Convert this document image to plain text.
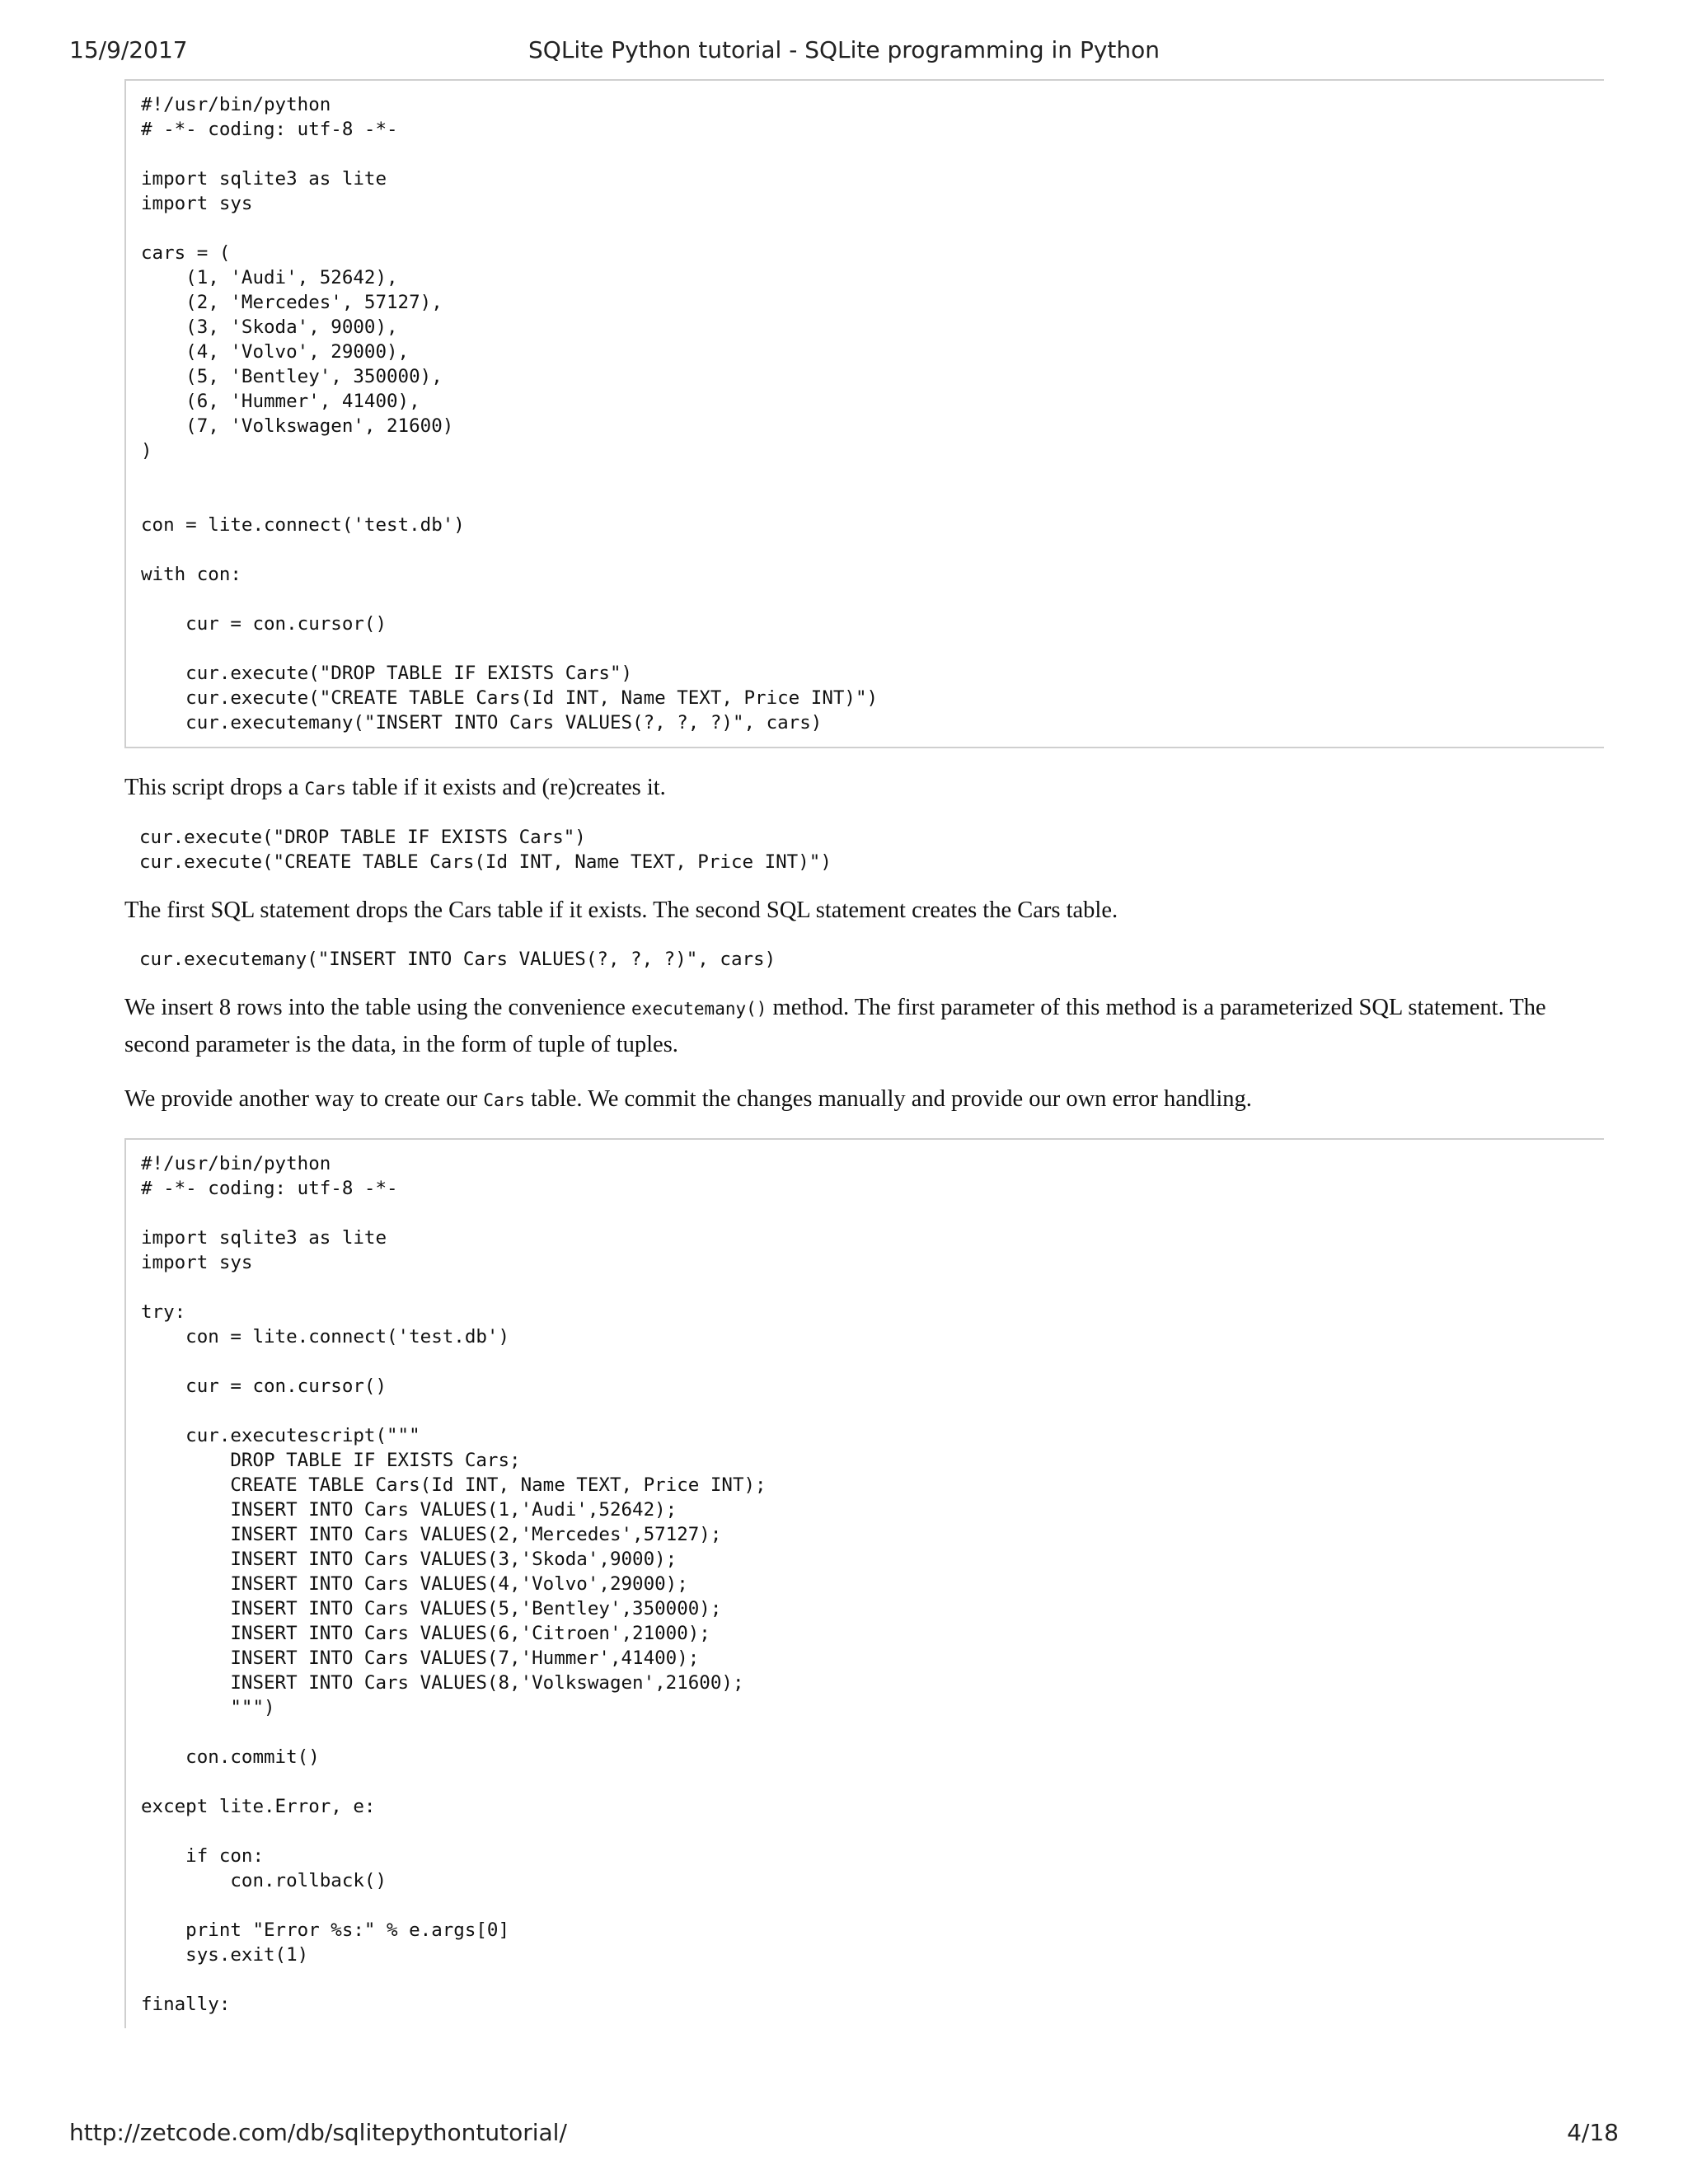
15/9/2017	SQLite Python tutorial - SQLite programming in Python
#!/usr/bin/python
# -*- coding: utf-8 -*-

import sqlite3 as lite
import sys

cars = (
(1, 'Audi', 52642),
(2, 'Mercedes', 57127),
(3, 'Skoda', 9000),
(4, 'Volvo', 29000),
(5, 'Bentley', 350000),
(6, 'Hummer', 41400),
(7, 'Volkswagen', 21600)
)

con = lite.connect('test.db')

with con:

cur = con.cursor()

cur.execute("DROP TABLE IF EXISTS Cars")
cur.execute("CREATE TABLE Cars(Id INT, Name TEXT, Price INT)")
cur.executemany("INSERT INTO Cars VALUES(?, ?, ?)", cars)

This script drops a Cars table if it exists and (re)creates it.

cur.execute("DROP TABLE IF EXISTS Cars")
cur.execute("CREATE TABLE Cars(Id INT, Name TEXT, Price INT)")

The first SQL statement drops the Cars table if it exists. The second SQL statement creates the Cars table.

cur.executemany("INSERT INTO Cars VALUES(?, ?, ?)", cars)

We insert 8 rows into the table using the convenience executemany() method. The first parameter of this method is a parameterized SQL statement. The second parameter is the data, in the form of tuple of tuples.

We provide another way to create our Cars table. We commit the changes manually and provide our own error handling.

#!/usr/bin/python
# -*- coding: utf-8 -*-

import sqlite3 as lite
import sys

try:
con = lite.connect('test.db')

cur = con.cursor()

cur.executescript("""
DROP TABLE IF EXISTS Cars;
CREATE TABLE Cars(Id INT, Name TEXT, Price INT);
INSERT INTO Cars VALUES(1,'Audi',52642);
INSERT INTO Cars VALUES(2,'Mercedes',57127);
INSERT INTO Cars VALUES(3,'Skoda',9000);
INSERT INTO Cars VALUES(4,'Volvo',29000);
INSERT INTO Cars VALUES(5,'Bentley',350000);
INSERT INTO Cars VALUES(6,'Citroen',21000);
INSERT INTO Cars VALUES(7,'Hummer',41400);
INSERT INTO Cars VALUES(8,'Volkswagen',21600);
""")

con.commit()

except lite.Error, e:

if con:
con.rollback()

print "Error %s:" % e.args[0]
sys.exit(1)

finally:
http://zetcode.com/db/sqlitepythontutorial/	4/18
